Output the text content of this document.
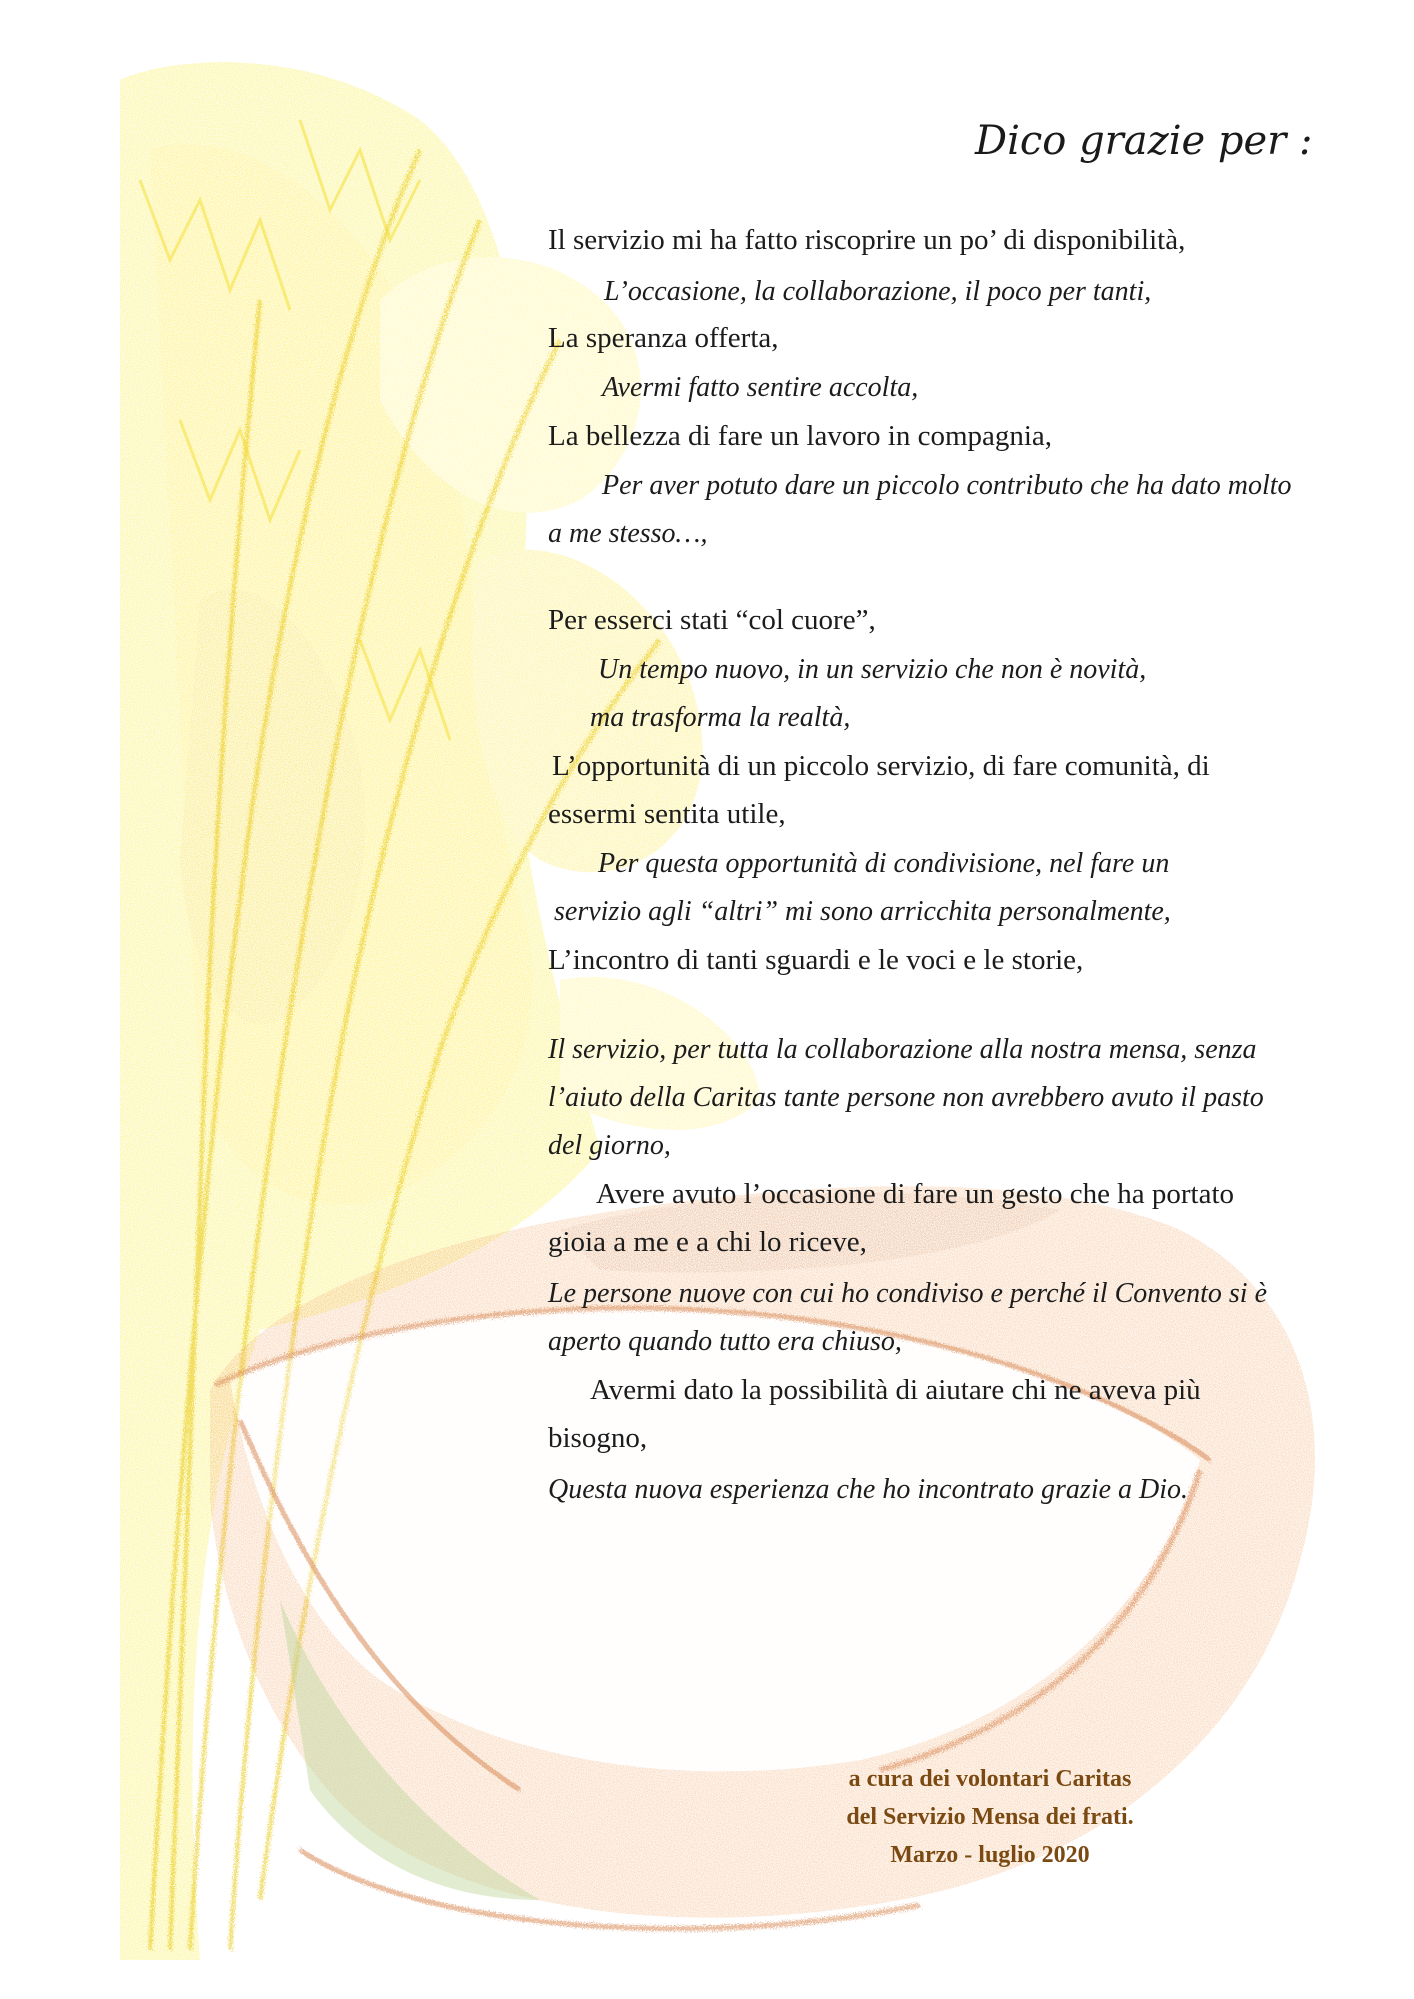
Dico grazie per :
Il servizio mi ha fatto riscoprire un po’ di disponibilità,
L’occasione, la collaborazione, il poco per tanti,
La speranza offerta,
Avermi fatto sentire accolta,
La bellezza di fare un lavoro in compagnia,
Per aver potuto dare un piccolo contributo che ha dato molto
a me stesso…,
Per esserci stati “col cuore”,
Un tempo nuovo, in un servizio che non è novità,
ma trasforma la realtà,
L’opportunità di un piccolo servizio, di fare comunità, di
essermi sentita utile,
Per questa opportunità di condivisione, nel fare un
servizio agli “altri” mi sono arricchita personalmente,
L’incontro di tanti sguardi e le voci e le storie,
Il servizio, per tutta la collaborazione alla nostra mensa, senza
l’aiuto della Caritas tante persone non avrebbero avuto il pasto
del giorno,
Avere avuto l’occasione di fare un gesto che ha portato
gioia a me e a chi lo riceve,
Le persone nuove con cui ho condiviso e perché il Convento si è
aperto quando tutto era chiuso,
Avermi dato la possibilità di aiutare chi ne aveva più
bisogno,
Questa nuova esperienza che ho incontrato grazie a Dio.
a cura dei volontari Caritas
del Servizio Mensa dei frati.
Marzo - luglio 2020
